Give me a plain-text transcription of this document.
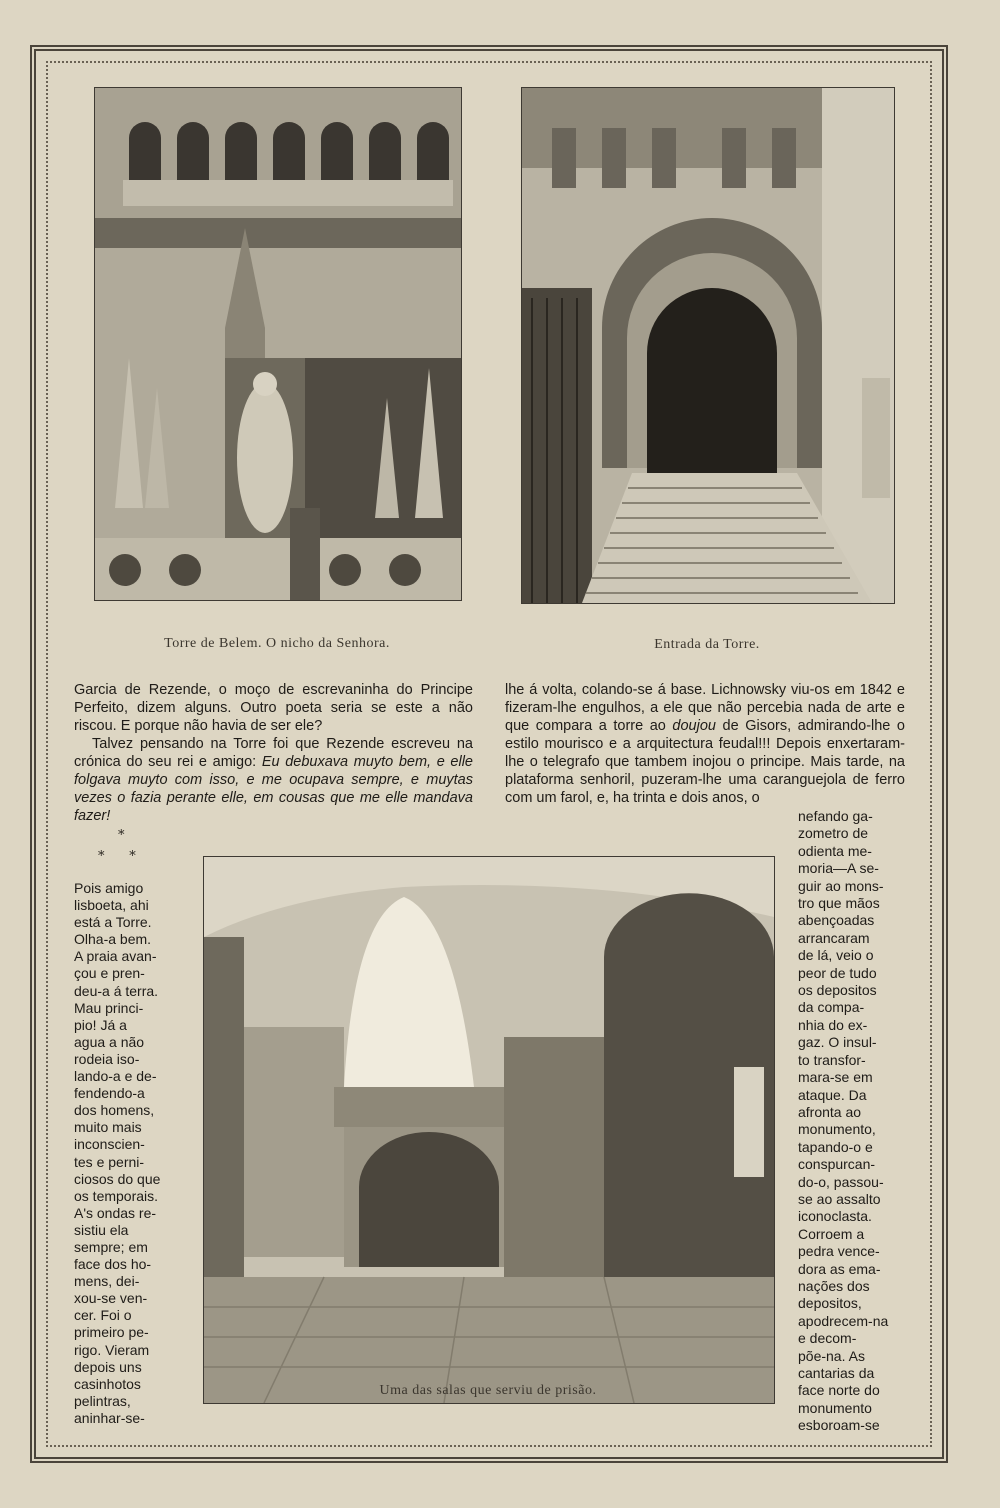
Torre de Belem. O nicho da Senhora.	Entrada da Torre.

Garcia de Rezende, o moço de escrevaninha do Principe Perfeito, dizem alguns. Outro poeta seria se este a não riscou. E porque não havia de ser ele?

Talvez pensando na Torre foi que Rezende escreveu na crónica do seu rei e amigo: Eu debuxava muyto bem, e elle folgava muyto com isso, e me ocupava sempre, e muytas vezes o fazia perante elle, em cousas que me elle mandava fazer!

lhe á volta, colando-se á base. Lichnowsky viu-os em 1842 e fizeram-lhe engulhos, a ele que não percebia nada de arte e que compara a torre ao doujou de Gisors, admirando-lhe o estilo mourisco e a arquitectura feudal!!! Depois enxertaram-lhe o telegrafo que tambem inojou o principe. Mais tarde, na plataforma senhoril, puzeram-lhe uma caranguejola de ferro com um farol, e, ha trinta e dois anos, o

*
*      *
Uma das salas que serviu de prisão.
Pois amigo
lisboeta, ahi
está a Torre.
Olha-a bem.
A praia avan-
çou e pren-
deu-a á terra.
Mau princi-
pio! Já a
agua a não
rodeia iso-
lando-a e de-
fendendo-a
dos homens,
muito mais
inconscien-
tes e perni-
ciosos do que
os temporais.
A's ondas re-
sistiu ela
sempre; em
face dos ho-
mens, dei-
xou-se ven-
cer. Foi o
primeiro pe-
rigo. Vieram
depois uns
casinhotos
pelintras,
aninhar-se-
nefando ga-
zometro de
odienta me-
moria—A se-
guir ao mons-
tro que mãos
abençoadas
arrancaram
de lá, veio o
peor de tudo
os depositos
da compa-
nhia do ex-
gaz. O insul-
to transfor-
mara-se em
ataque. Da
afronta ao
monumento,
tapando-o e
conspurcan-
do-o, passou-
se ao assalto
iconoclasta.
Corroem a
pedra vence-
dora as ema-
nações dos
depositos,
apodrecem-na
e decom-
põe-na. As
cantarias da
face norte do
monumento
esboroam-se
